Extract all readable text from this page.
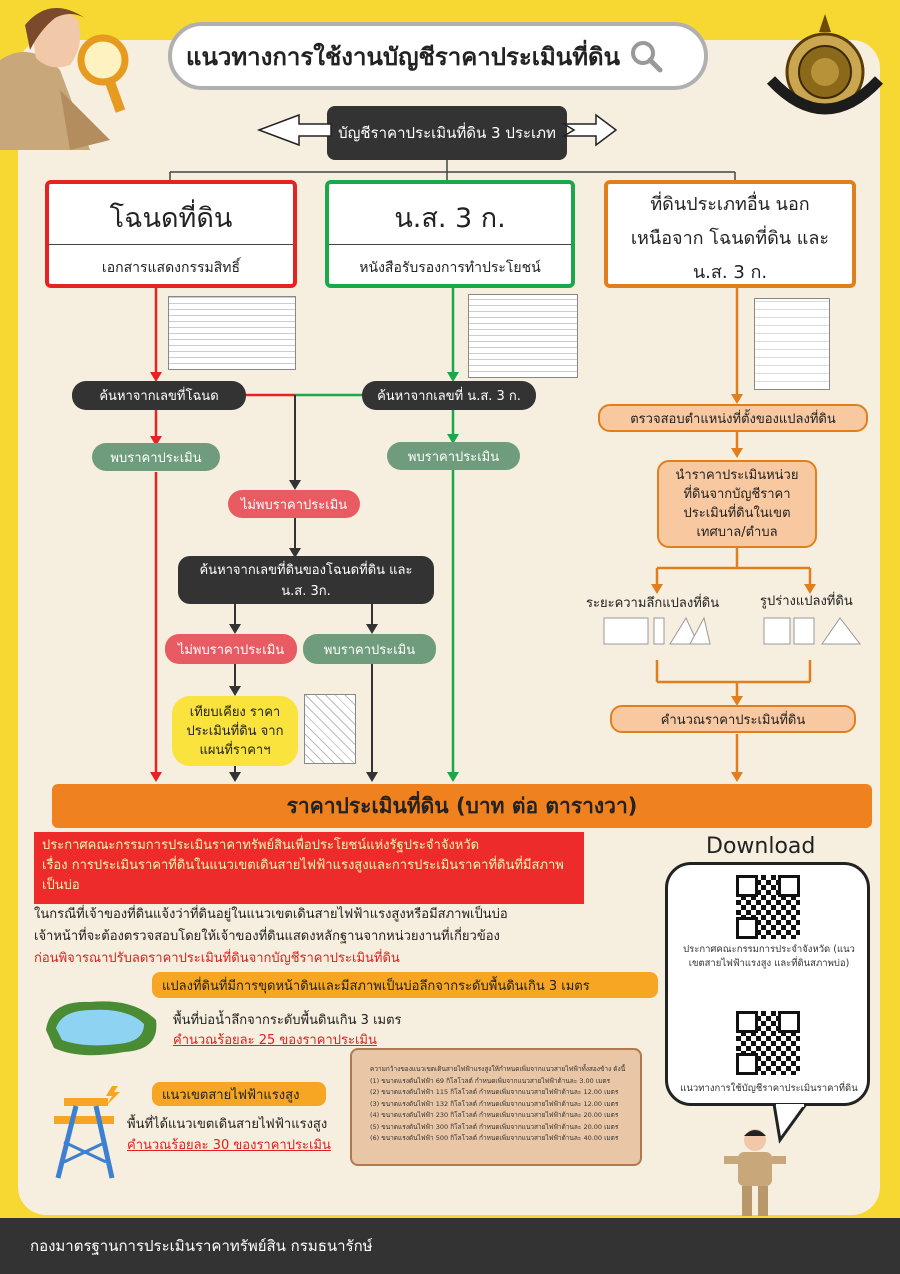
แนวทางการใช้งานบัญชีราคาประเมินที่ดิน
บัญชีราคาประเมินที่ดิน 3 ประเภท
โฉนดที่ดิน
เอกสารแสดงกรรมสิทธิ์
น.ส. 3 ก.
หนังสือรับรองการทำประโยชน์
ที่ดินประเภทอื่น นอกเหนือจาก โฉนดที่ดิน และ น.ส. 3 ก.
ค้นหาจากเลขที่โฉนด	ค้นหาจากเลขที่ น.ส. 3 ก.
พบราคาประเมิน	พบราคาประเมิน
ไม่พบราคาประเมิน
ค้นหาจากเลขที่ดินของโฉนดที่ดิน และ น.ส. 3ก.
ไม่พบราคาประเมิน	พบราคาประเมิน
เทียบเคียง ราคาประเมินที่ดิน จากแผนที่ราคาฯ
ตรวจสอบตำแหน่งที่ตั้งของแปลงที่ดิน
นำราคาประเมินหน่วยที่ดินจากบัญชีราคาประเมินที่ดินในเขตเทศบาล/ตำบล
ระยะความลึกแปลงที่ดิน	รูปร่างแปลงที่ดิน
คำนวณราคาประเมินที่ดิน
ราคาประเมินที่ดิน (บาท ต่อ ตารางวา)
ประกาศคณะกรรมการประเมินราคาทรัพย์สินเพื่อประโยชน์แห่งรัฐประจำจังหวัด
เรื่อง การประเมินราคาที่ดินในแนวเขตเดินสายไฟฟ้าแรงสูงและการประเมินราคาที่ดินที่มีสภาพเป็นบ่อ
ในกรณีที่เจ้าของที่ดินแจ้งว่าที่ดินอยู่ในแนวเขตเดินสายไฟฟ้าแรงสูงหรือมีสภาพเป็นบ่อ
เจ้าหน้าที่จะต้องตรวจสอบโดยให้เจ้าของที่ดินแสดงหลักฐานจากหน่วยงานที่เกี่ยวข้อง
ก่อนพิจารณาปรับลดราคาประเมินที่ดินจากบัญชีราคาประเมินที่ดิน
แปลงที่ดินที่มีการขุดหน้าดินและมีสภาพเป็นบ่อลึกจากระดับพื้นดินเกิน 3 เมตร
พื้นที่บ่อน้ำลึกจากระดับพื้นดินเกิน 3 เมตร
คำนวณร้อยละ 25 ของราคาประเมิน
แนวเขตสายไฟฟ้าแรงสูง
พื้นที่ได้แนวเขตเดินสายไฟฟ้าแรงสูง
คำนวณร้อยละ 30 ของราคาประเมิน
ความกว้างของแนวเขตเดินสายไฟฟ้าแรงสูงให้กำหนดเพิ่มจากแนวสายไฟฟ้าทั้งสองข้าง ดังนี้
(1) ขนาดแรงดันไฟฟ้า 69 กิโลโวลต์ กำหนดเพิ่มจากแนวสายไฟฟ้าด้านละ 3.00 เมตร
(2) ขนาดแรงดันไฟฟ้า 115 กิโลโวลต์ กำหนดเพิ่มจากแนวสายไฟฟ้าด้านละ 12.00 เมตร
(3) ขนาดแรงดันไฟฟ้า 132 กิโลโวลต์ กำหนดเพิ่มจากแนวสายไฟฟ้าด้านละ 12.00 เมตร
(4) ขนาดแรงดันไฟฟ้า 230 กิโลโวลต์ กำหนดเพิ่มจากแนวสายไฟฟ้าด้านละ 20.00 เมตร
(5) ขนาดแรงดันไฟฟ้า 300 กิโลโวลต์ กำหนดเพิ่มจากแนวสายไฟฟ้าด้านละ 20.00 เมตร
(6) ขนาดแรงดันไฟฟ้า 500 กิโลโวลต์ กำหนดเพิ่มจากแนวสายไฟฟ้าด้านละ 40.00 เมตร
Download
ประกาศคณะกรรมการประจำจังหวัด (แนวเขตสายไฟฟ้าแรงสูง และที่ดินสภาพบ่อ)
แนวทางการใช้บัญชีราคาประเมินราคาที่ดิน
กองมาตรฐานการประเมินราคาทรัพย์สิน กรมธนารักษ์
